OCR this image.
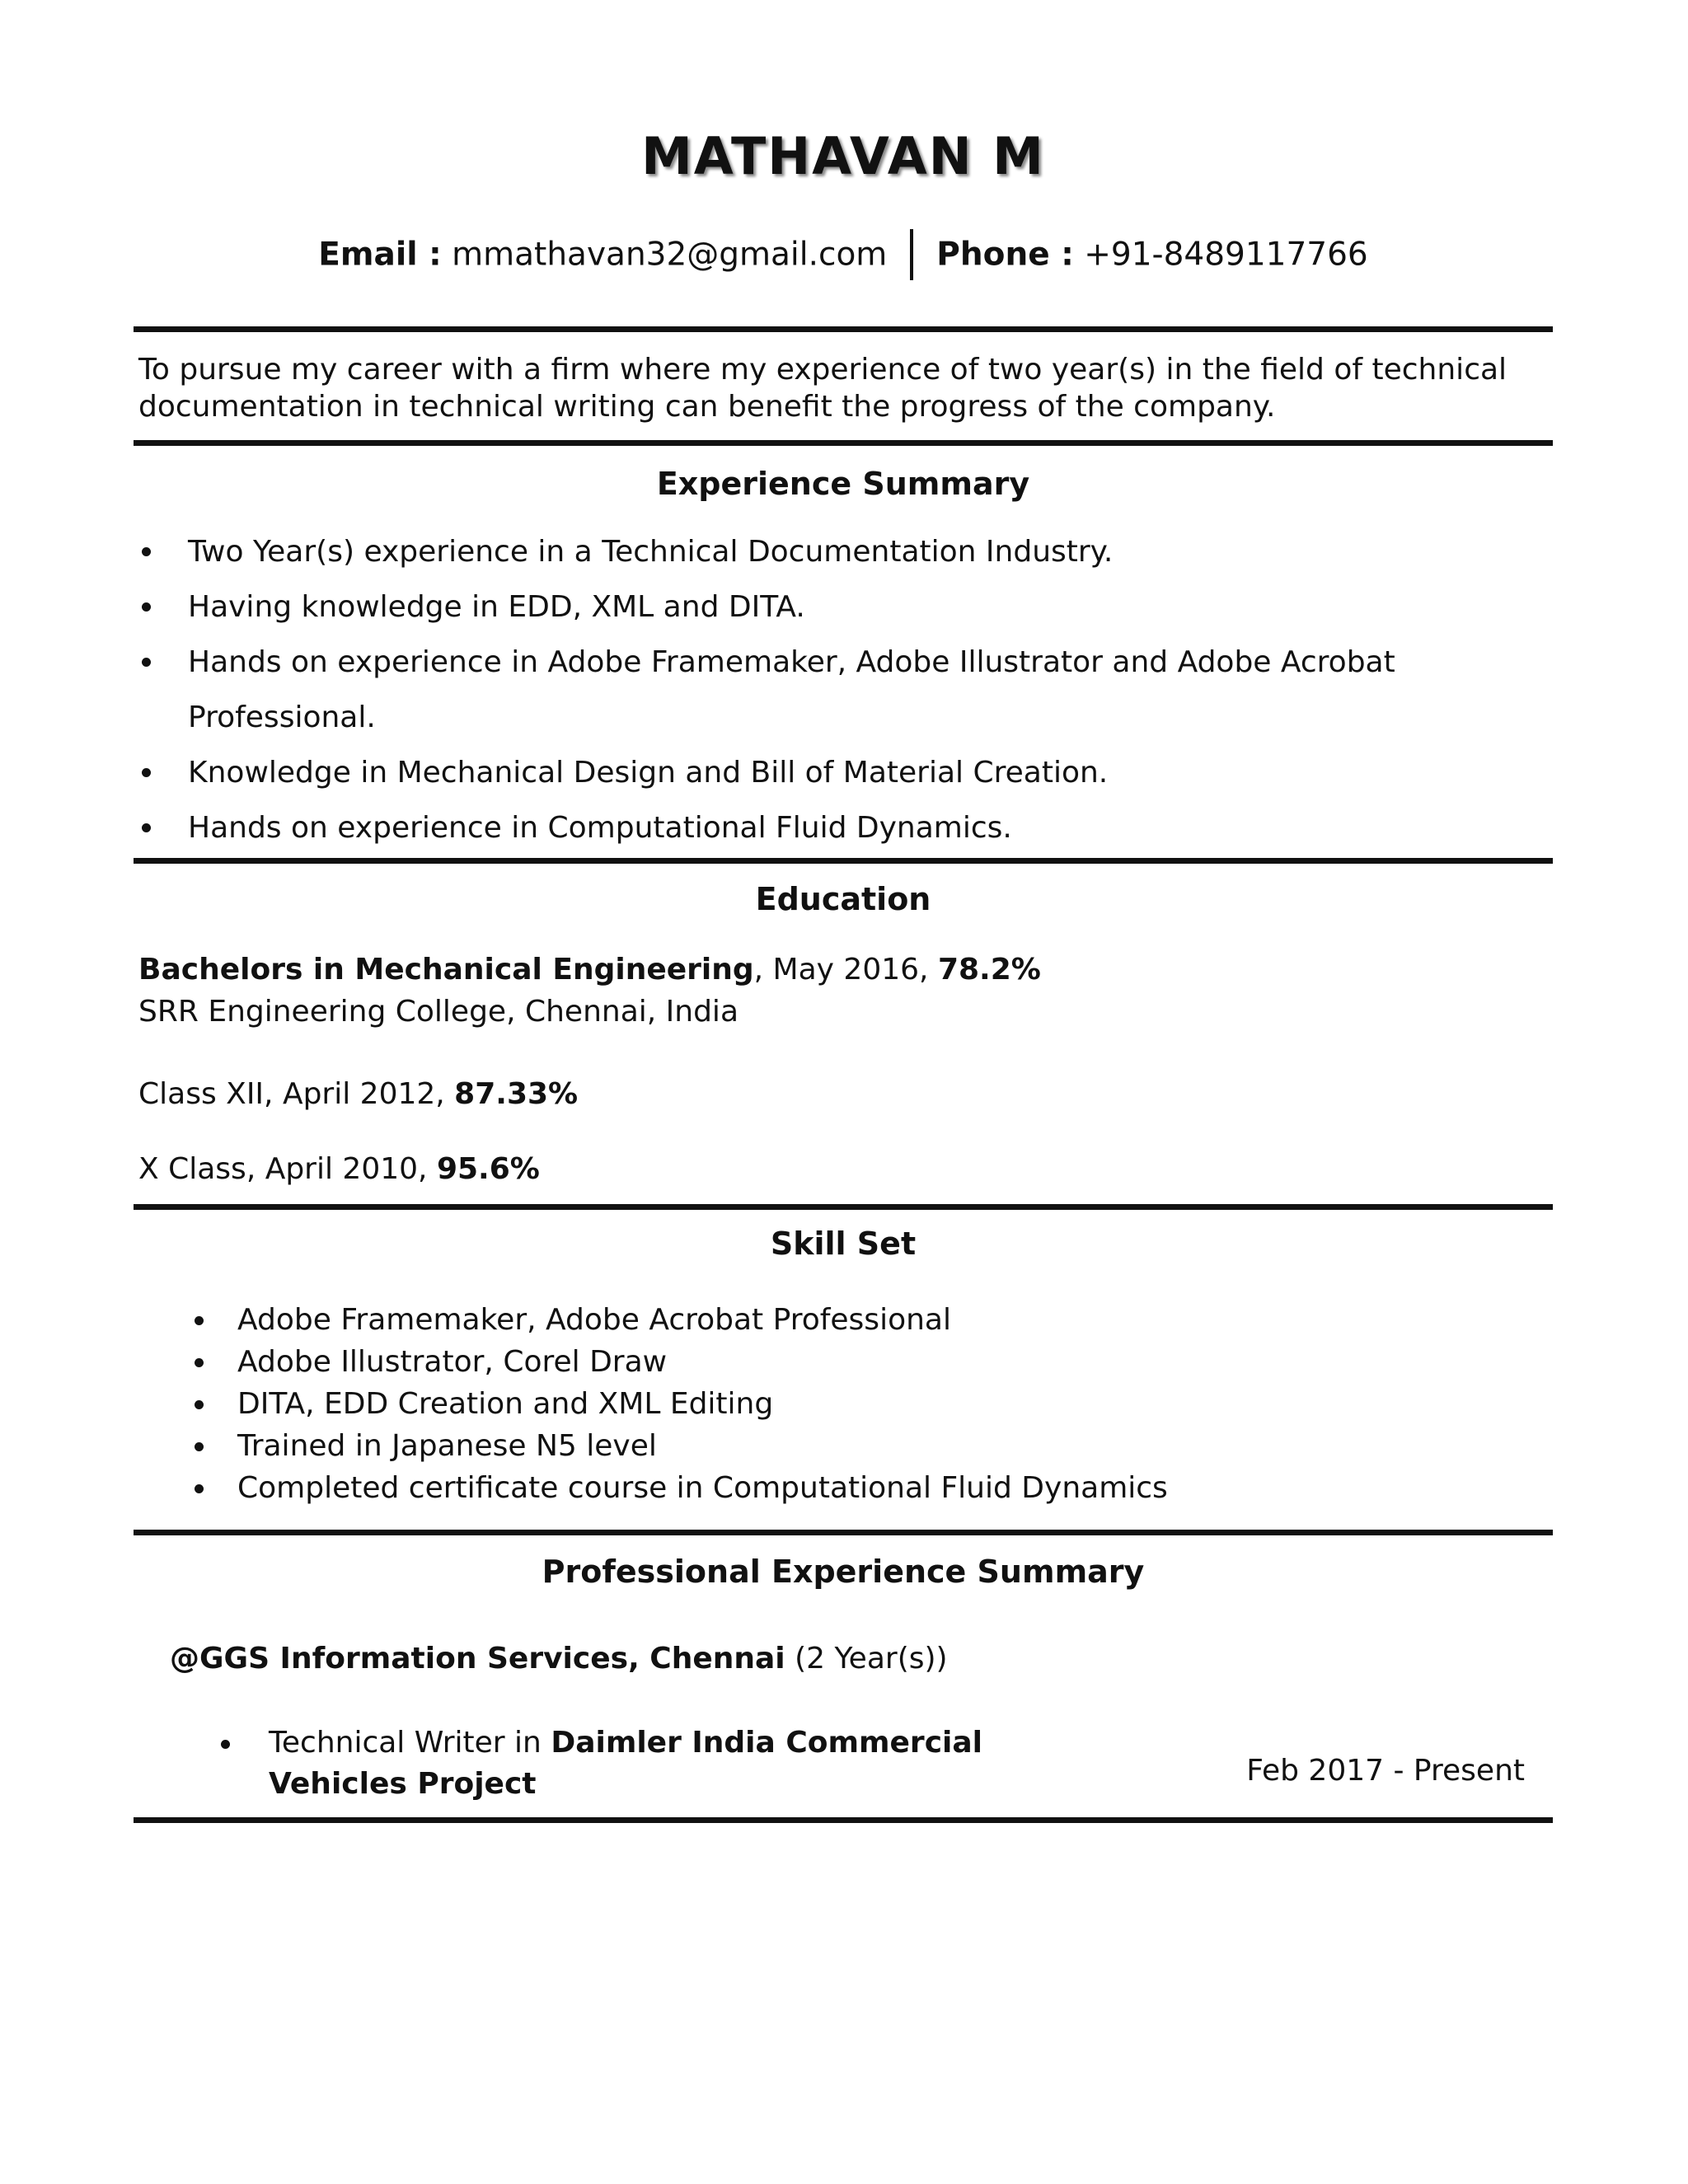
MATHAVAN M
Email : mmathavan32@gmail.com Phone : +91-8489117766
To pursue my career with a firm where my experience of two year(s) in the field of technical
documentation in technical writing can benefit the progress of the company.
Experience Summary
Two Year(s) experience in a Technical Documentation Industry.
Having knowledge in EDD, XML and DITA.
Hands on experience in Adobe Framemaker, Adobe Illustrator and Adobe Acrobat
Professional.
Knowledge in Mechanical Design and Bill of Material Creation.
Hands on experience in Computational Fluid Dynamics.
Education
Bachelors in Mechanical Engineering, May 2016, 78.2%
SRR Engineering College, Chennai, India
Class XII, April 2012, 87.33%
X Class, April 2010, 95.6%
Skill Set
Adobe Framemaker, Adobe Acrobat Professional
Adobe Illustrator, Corel Draw
DITA, EDD Creation and XML Editing
Trained in Japanese N5 level
Completed certificate course in Computational Fluid Dynamics
Professional Experience Summary
@GGS Information Services, Chennai (2 Year(s))
Technical Writer in Daimler India Commercial
Vehicles Project	Feb 2017 - Present
